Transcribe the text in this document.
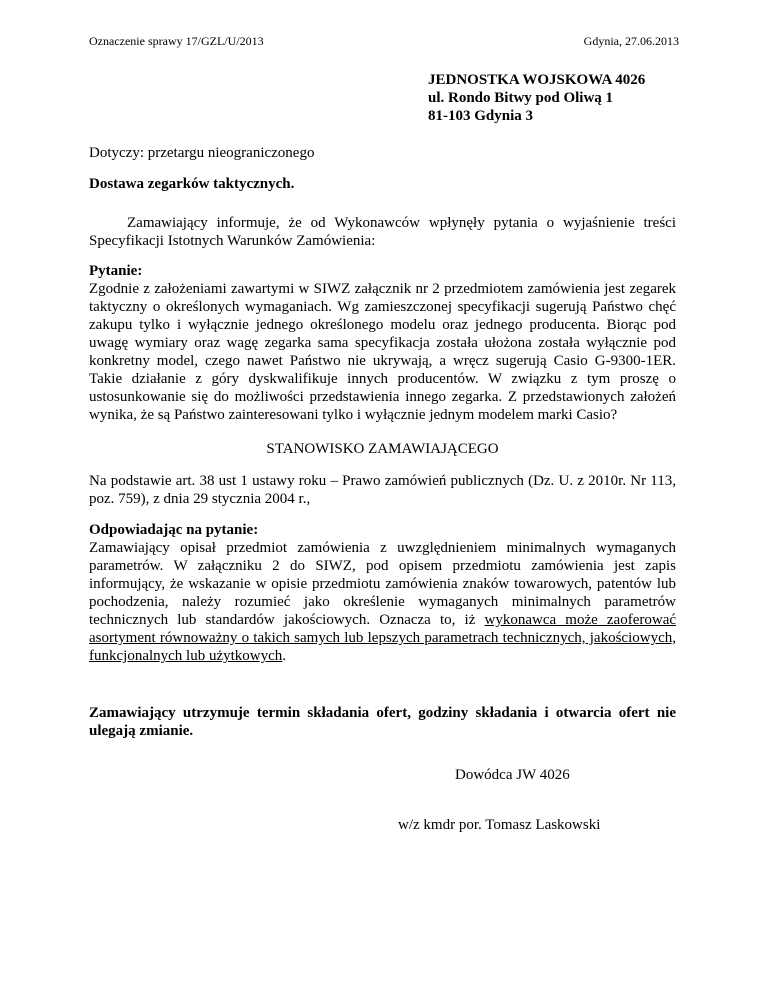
Oznaczenie sprawy 17/GZL/U/2013	Gdynia, 27.06.2013
JEDNOSTKA WOJSKOWA 4026
ul. Rondo Bitwy pod Oliwą 1
81-103 Gdynia 3
Dotyczy: przetargu nieograniczonego
Dostawa zegarków taktycznych.
Zamawiający informuje, że od Wykonawców wpłynęły pytania o wyjaśnienie treści Specyfikacji Istotnych Warunków Zamówienia:
Pytanie:
Zgodnie z założeniami zawartymi w SIWZ załącznik nr 2 przedmiotem zamówienia jest zegarek taktyczny o określonych wymaganiach. Wg zamieszczonej specyfikacji sugerują Państwo chęć zakupu tylko i wyłącznie jednego określonego modelu oraz jednego producenta. Biorąc pod uwagę wymiary oraz wagę zegarka sama specyfikacja została ułożona została wyłącznie pod konkretny model, czego nawet Państwo nie ukrywają, a wręcz sugerują Casio G-9300-1ER. Takie działanie z góry dyskwalifikuje innych producentów. W związku z tym proszę o ustosunkowanie się do możliwości przedstawienia innego zegarka. Z przedstawionych założeń wynika, że są Państwo zainteresowani tylko i wyłącznie jednym modelem marki Casio?
STANOWISKO ZAMAWIAJĄCEGO
Na podstawie art. 38 ust 1 ustawy roku – Prawo zamówień publicznych (Dz. U. z 2010r. Nr 113, poz. 759), z dnia 29 stycznia 2004 r.,
Odpowiadając na pytanie:
Zamawiający opisał przedmiot zamówienia z uwzględnieniem minimalnych wymaganych parametrów. W załączniku 2 do SIWZ, pod opisem przedmiotu zamówienia jest zapis informujący, że wskazanie w opisie przedmiotu zamówienia znaków towarowych, patentów lub pochodzenia, należy rozumieć jako określenie wymaganych minimalnych parametrów technicznych lub standardów jakościowych. Oznacza to, iż wykonawca może zaoferować asortyment równoważny o takich samych lub lepszych parametrach technicznych, jakościowych, funkcjonalnych lub użytkowych.
Zamawiający utrzymuje termin składania ofert, godziny składania i otwarcia ofert nie ulegają zmianie.
Dowódca JW 4026
w/z kmdr por. Tomasz Laskowski
